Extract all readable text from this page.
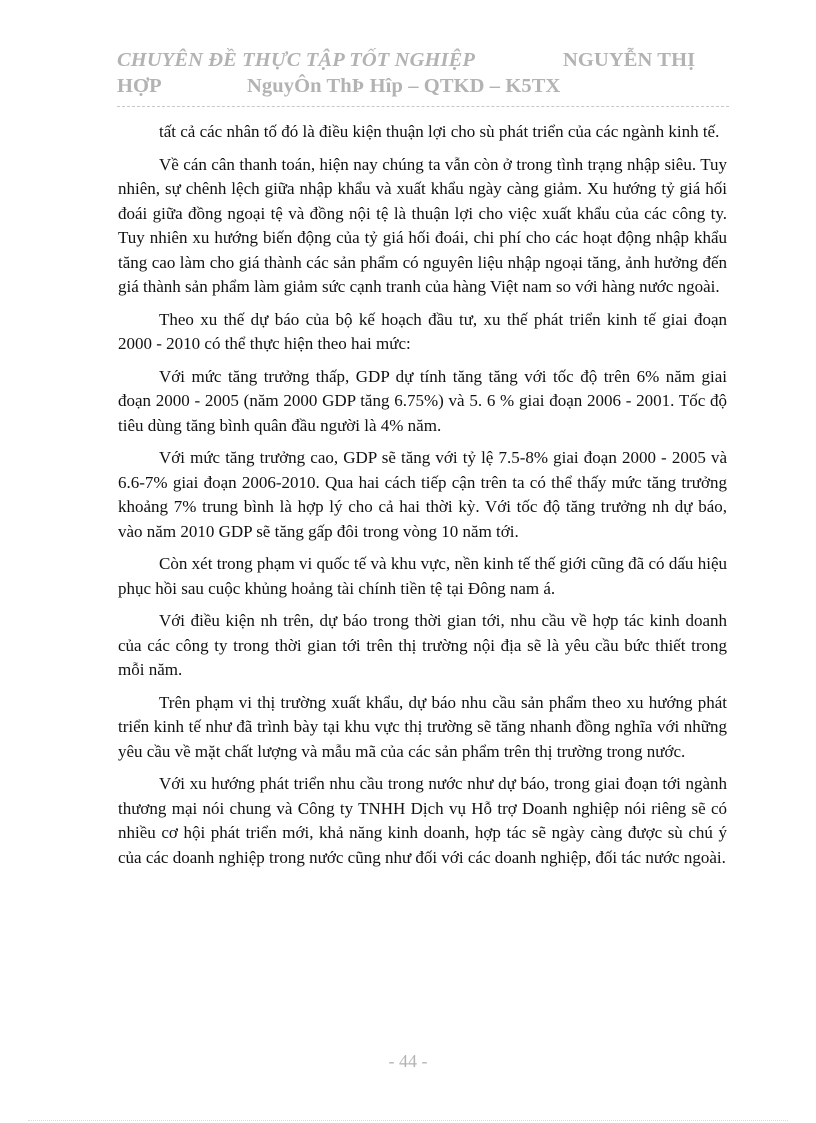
CHUYÊN ĐỀ THỰC TẬP TỐT NGHIỆP	NGUYỄN THỊ
HỢP	NguyÔn ThÞ Hîp – QTKD – K5TX

tất cả các nhân tố đó là điều kiện thuận lợi cho sù phát triển của các ngành kinh tế.

Về cán cân thanh toán, hiện nay chúng ta vẫn còn ở trong tình trạng nhập siêu. Tuy nhiên, sự chênh lệch giữa nhập khẩu và xuất khẩu ngày càng giảm. Xu hướng tỷ giá hối đoái giữa đồng ngoại tệ và đồng nội tệ là thuận lợi cho việc xuất khẩu của các công ty. Tuy nhiên xu hướng biến động của tỷ giá hối đoái, chi phí cho các hoạt động nhập khẩu tăng cao làm cho giá thành các sản phẩm có nguyên liệu nhập ngoại tăng, ảnh hưởng đến giá thành sản phẩm làm giảm sức cạnh tranh của hàng Việt nam so với hàng nước ngoài.

Theo xu thế dự báo của bộ kế hoạch đầu tư, xu thế phát triển kinh tế giai đoạn 2000 - 2010 có thể thực hiện theo hai mức:

Với mức tăng trưởng thấp, GDP dự tính tăng tăng với tốc độ trên 6% năm giai đoạn 2000 - 2005 (năm 2000 GDP tăng 6.75%) và 5. 6 % giai đoạn 2006 - 2001. Tốc độ tiêu dùng tăng bình quân đầu người là 4% năm.

Với mức tăng trưởng cao, GDP sẽ tăng với tỷ lệ 7.5-8% giai đoạn 2000 - 2005 và 6.6-7% giai đoạn 2006-2010. Qua hai cách tiếp cận trên ta có thể thấy mức tăng trưởng khoảng 7% trung bình là hợp lý cho cả hai thời kỳ. Với tốc độ tăng trưởng nh dự báo, vào năm 2010 GDP sẽ tăng gấp đôi trong vòng 10 năm tới.

Còn xét trong phạm vi quốc tế và khu vực, nền kinh tế thế giới cũng đã có dấu hiệu phục hồi sau cuộc khủng hoảng tài chính tiền tệ tại Đông nam á.

Với điều kiện nh trên, dự báo trong thời gian tới, nhu cầu về hợp tác kinh doanh của các công ty trong thời gian tới trên thị trường nội địa sẽ là yêu cầu bức thiết trong mỗi năm.

Trên phạm vi thị trường xuất khẩu, dự báo nhu cầu sản phẩm theo xu hướng phát triển kinh tế như đã trình bày tại khu vực thị trường sẽ tăng nhanh đồng nghĩa với những yêu cầu về mặt chất lượng và mẫu mã của các sản phẩm trên thị trường trong nước.

Với xu hướng phát triển nhu cầu trong nước như dự báo, trong giai đoạn tới ngành thương mại nói chung và Công ty TNHH Dịch vụ Hỗ trợ Doanh nghiệp nói riêng sẽ có nhiều cơ hội phát triển mới, khả năng kinh doanh, hợp tác sẽ ngày càng được sù chú ý của các doanh nghiệp trong nước cũng như đối với các doanh nghiệp, đối tác nước ngoài.

- 44 -
